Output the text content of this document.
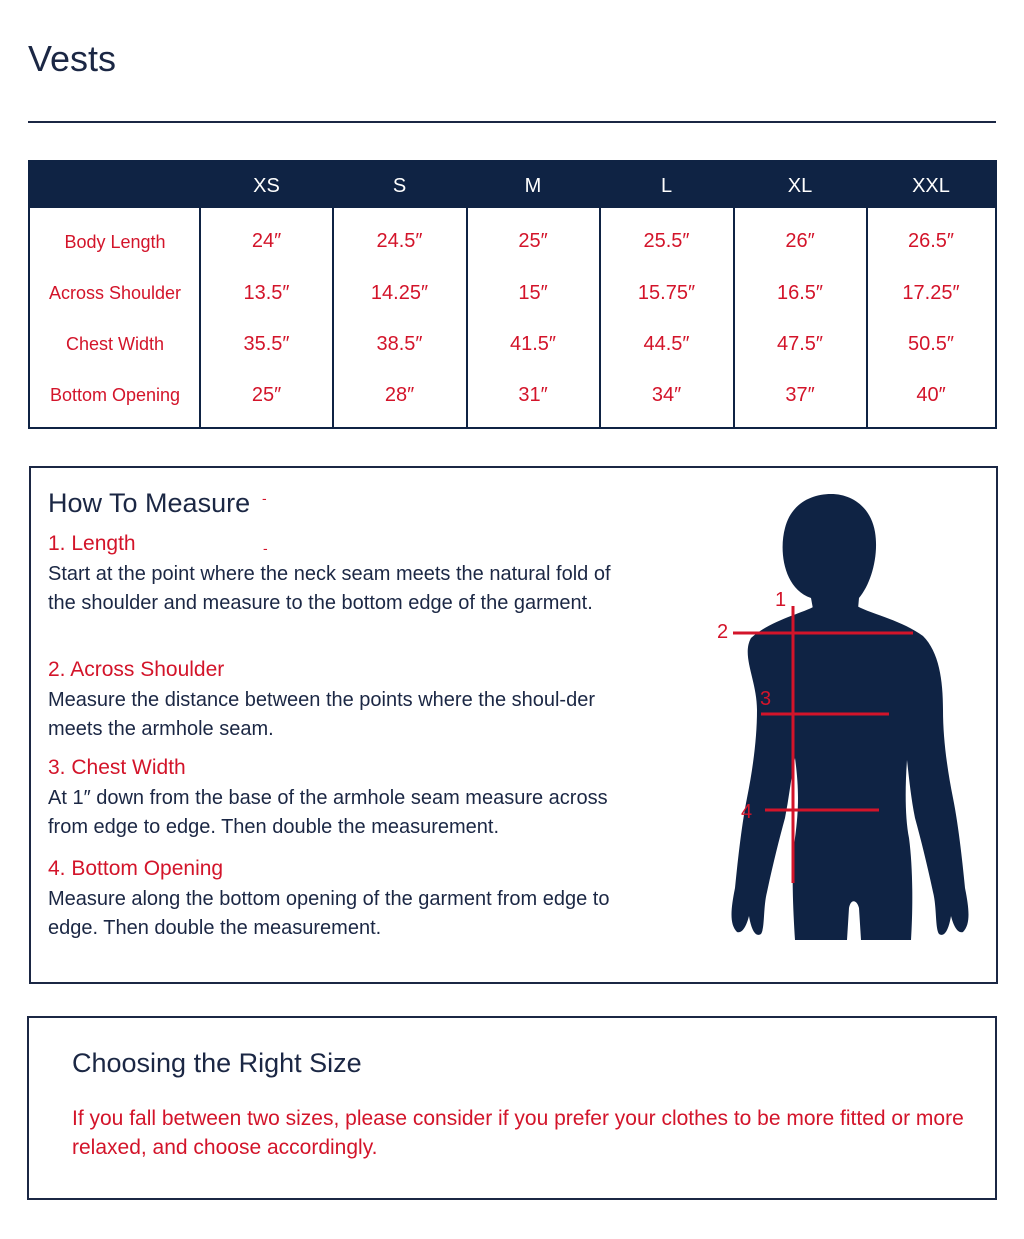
Vests
XS	S	M	L	XL	XXL
Body Length	24″	24.5″	25″	25.5″	26″	26.5″
Across Shoulder	13.5″	14.25″	15″	15.75″	16.5″	17.25″
Chest Width	35.5″	38.5″	41.5″	44.5″	47.5″	50.5″
Bottom Opening	25″	28″	31″	34″	37″	40″
How To Measure -
-
1. Length
Start at the point where the neck seam meets the natural fold of the shoulder and measure to the bottom edge of the garment.
2. Across Shoulder
Measure the distance between the points where the shoul-der meets the armhole seam.
3. Chest Width
At 1″ down from the base of the armhole seam measure across from edge to edge. Then double the measurement.
4. Bottom Opening
Measure along the bottom opening of the garment from edge to edge. Then double the measurement.
1
2
3
4
Choosing the Right Size
If you fall between two sizes, please consider if you prefer your clothes to be more fitted or more relaxed, and choose accordingly.
